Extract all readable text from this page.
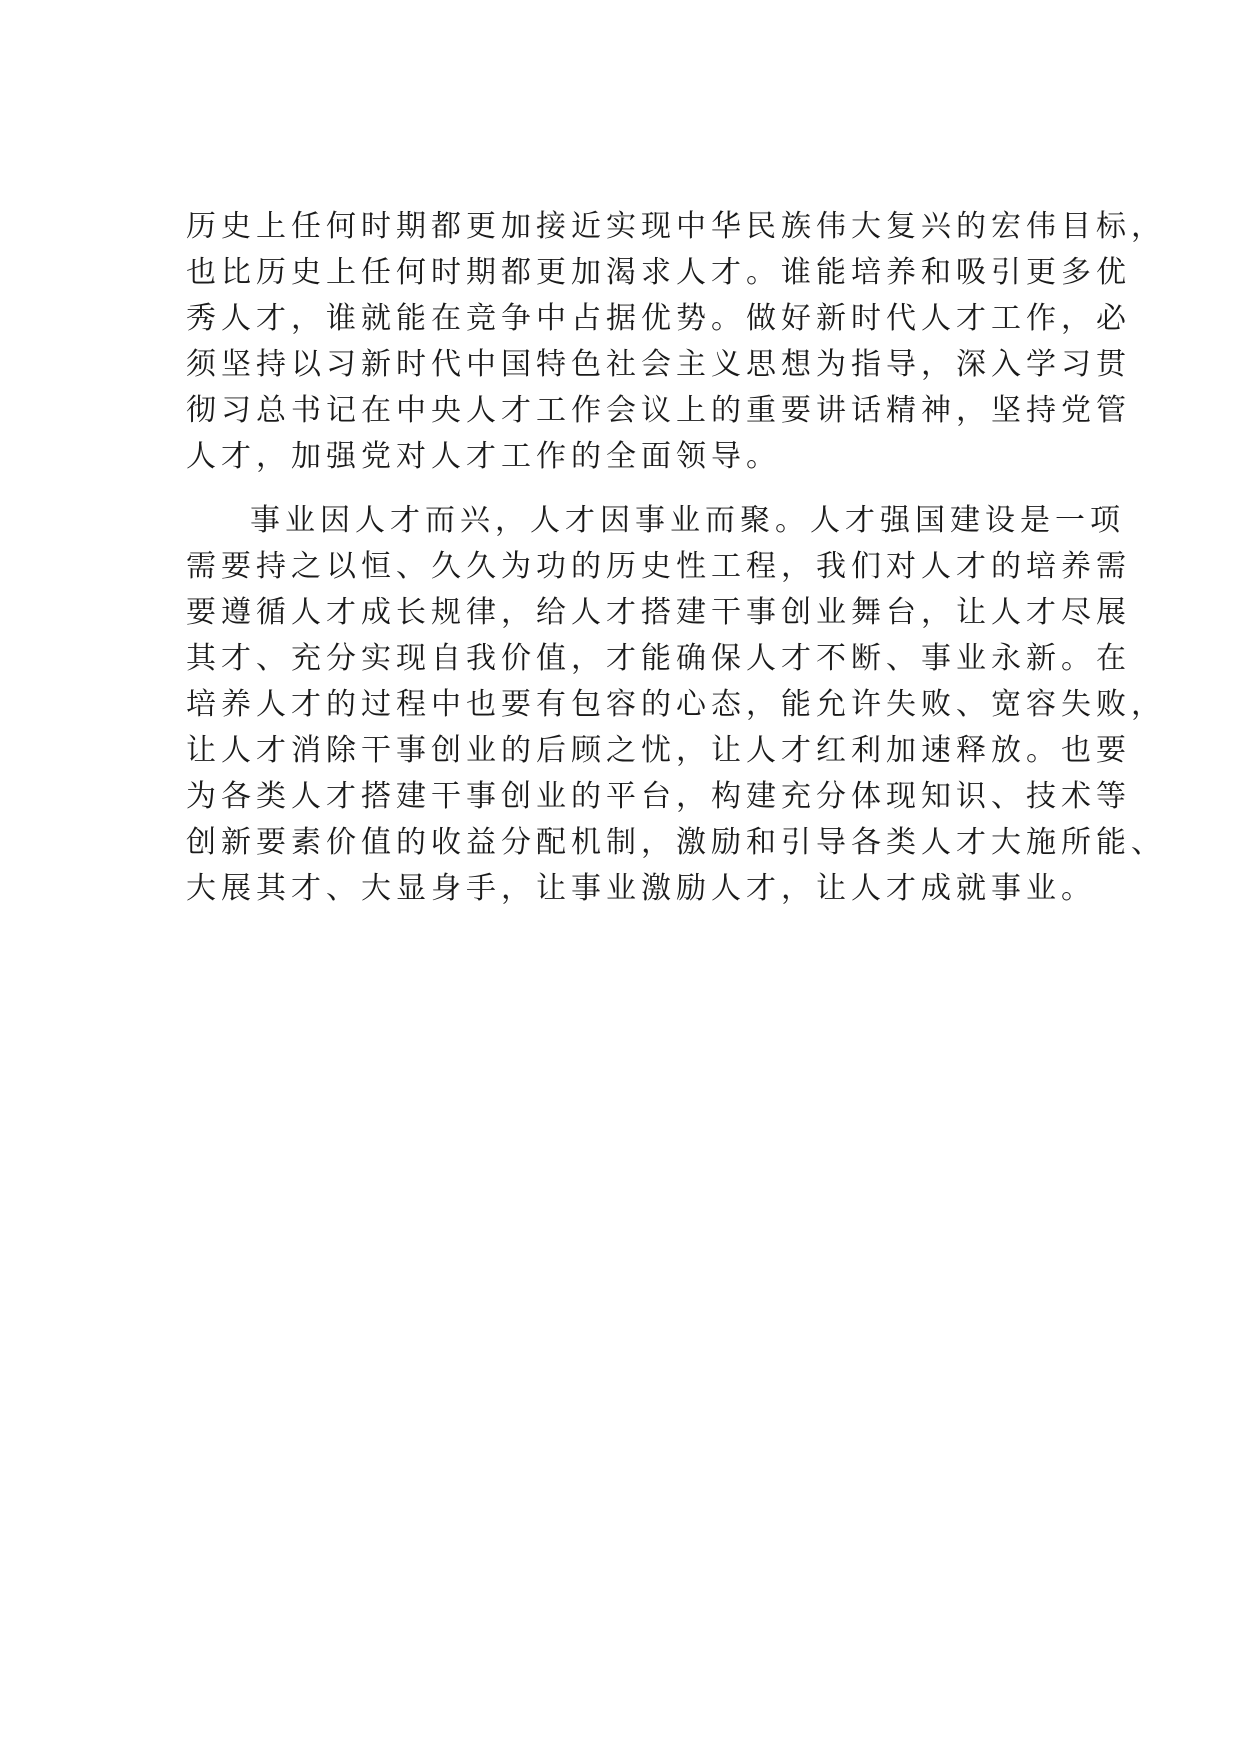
历史上任何时期都更加接近实现中华民族伟大复兴的宏伟目标，
也比历史上任何时期都更加渴求人才。谁能培养和吸引更多优
秀人才，谁就能在竞争中占据优势。做好新时代人才工作，必
须坚持以习新时代中国特色社会主义思想为指导，深入学习贯
彻习总书记在中央人才工作会议上的重要讲话精神，坚持党管
人才，加强党对人才工作的全面领导。
事业因人才而兴，人才因事业而聚。人才强国建设是一项
需要持之以恒、久久为功的历史性工程，我们对人才的培养需
要遵循人才成长规律，给人才搭建干事创业舞台，让人才尽展
其才、充分实现自我价值，才能确保人才不断、事业永新。在
培养人才的过程中也要有包容的心态，能允许失败、宽容失败，
让人才消除干事创业的后顾之忧，让人才红利加速释放。也要
为各类人才搭建干事创业的平台，构建充分体现知识、技术等
创新要素价值的收益分配机制，激励和引导各类人才大施所能、
大展其才、大显身手，让事业激励人才，让人才成就事业。
